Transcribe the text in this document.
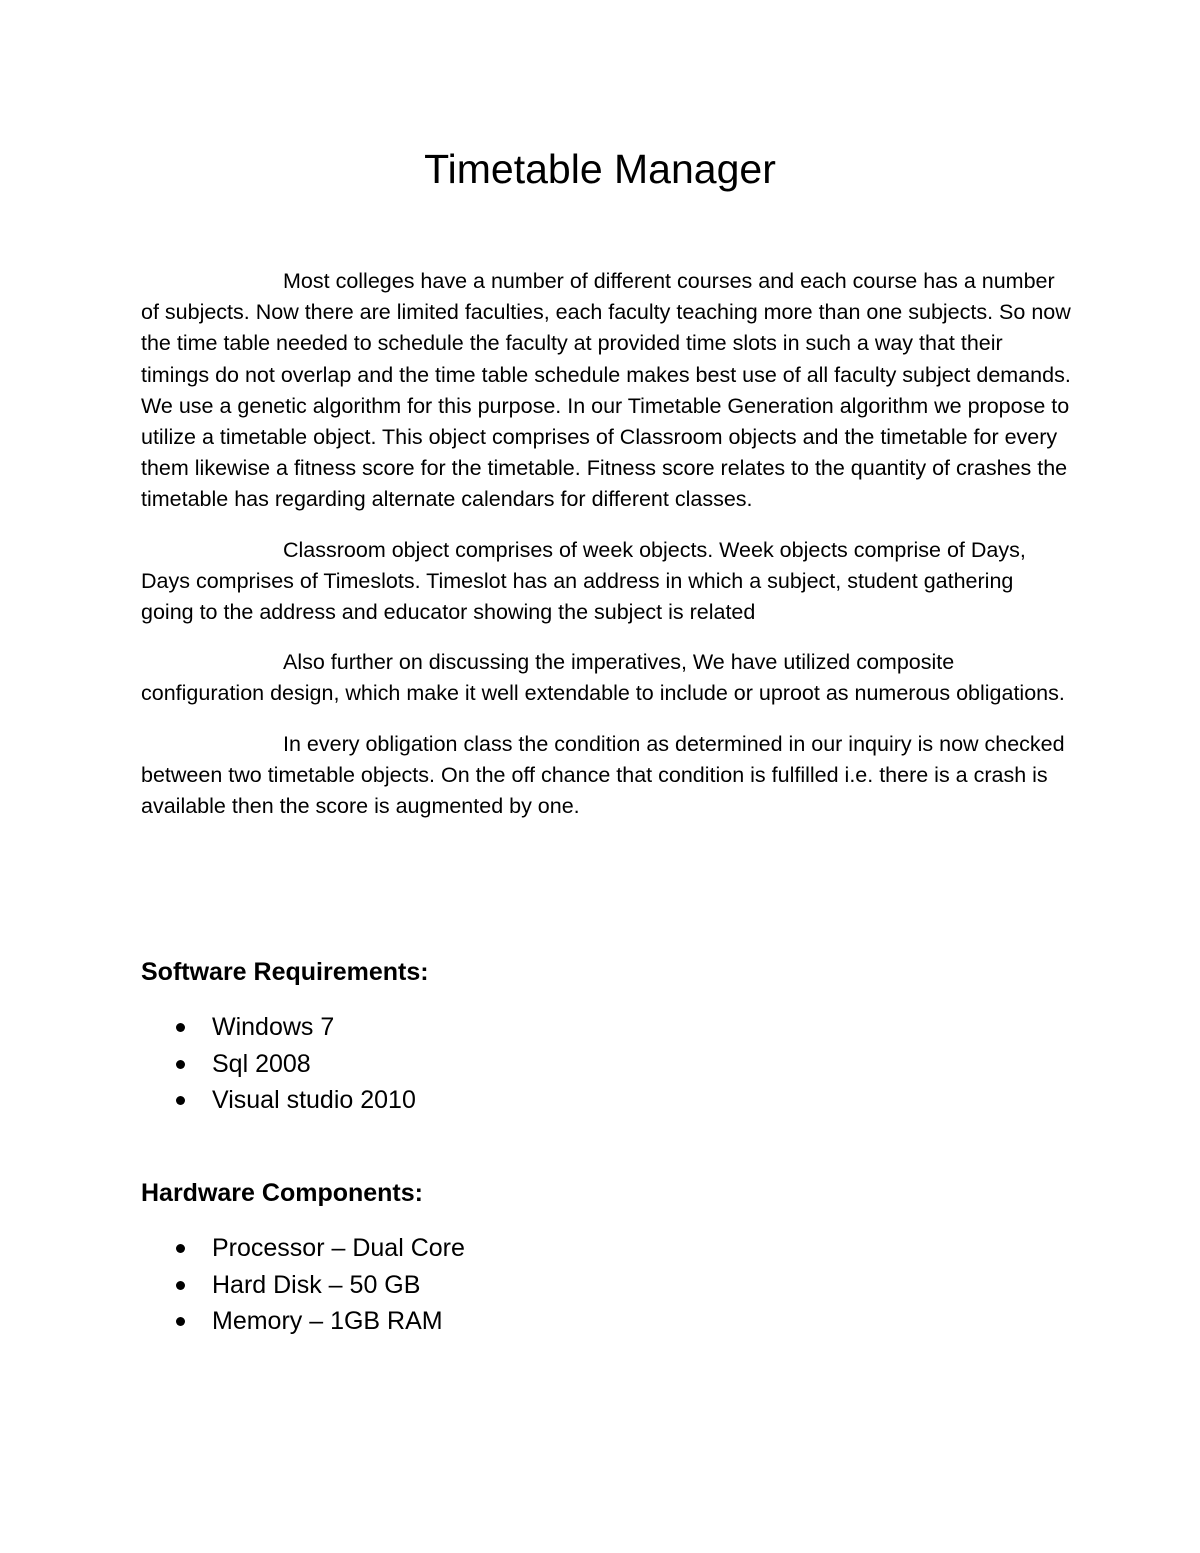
Timetable Manager

Most colleges have a number of different courses and each course has a number of subjects. Now there are limited faculties, each faculty teaching more than one subjects. So now the time table needed to schedule the faculty at provided time slots in such a way that their timings do not overlap and the time table schedule makes best use of all faculty subject demands. We use a genetic algorithm for this purpose. In our Timetable Generation algorithm we propose to utilize a timetable object. This object comprises of Classroom objects and the timetable for every them likewise a fitness score for the timetable. Fitness score relates to the quantity of crashes the timetable has regarding alternate calendars for different classes.

Classroom object comprises of week objects. Week objects comprise of Days, Days comprises of Timeslots. Timeslot has an address in which a subject, student gathering going to the address and educator showing the subject is related

Also further on discussing the imperatives, We have utilized composite configuration design, which make it well extendable to include or uproot as numerous obligations.

In every obligation class the condition as determined in our inquiry is now checked between two timetable objects. On the off chance that condition is fulfilled i.e. there is a crash is available then the score is augmented by one.

Software Requirements:
Windows 7
Sql 2008
Visual studio 2010
Hardware Components:
Processor – Dual Core
Hard Disk – 50 GB
Memory – 1GB RAM
